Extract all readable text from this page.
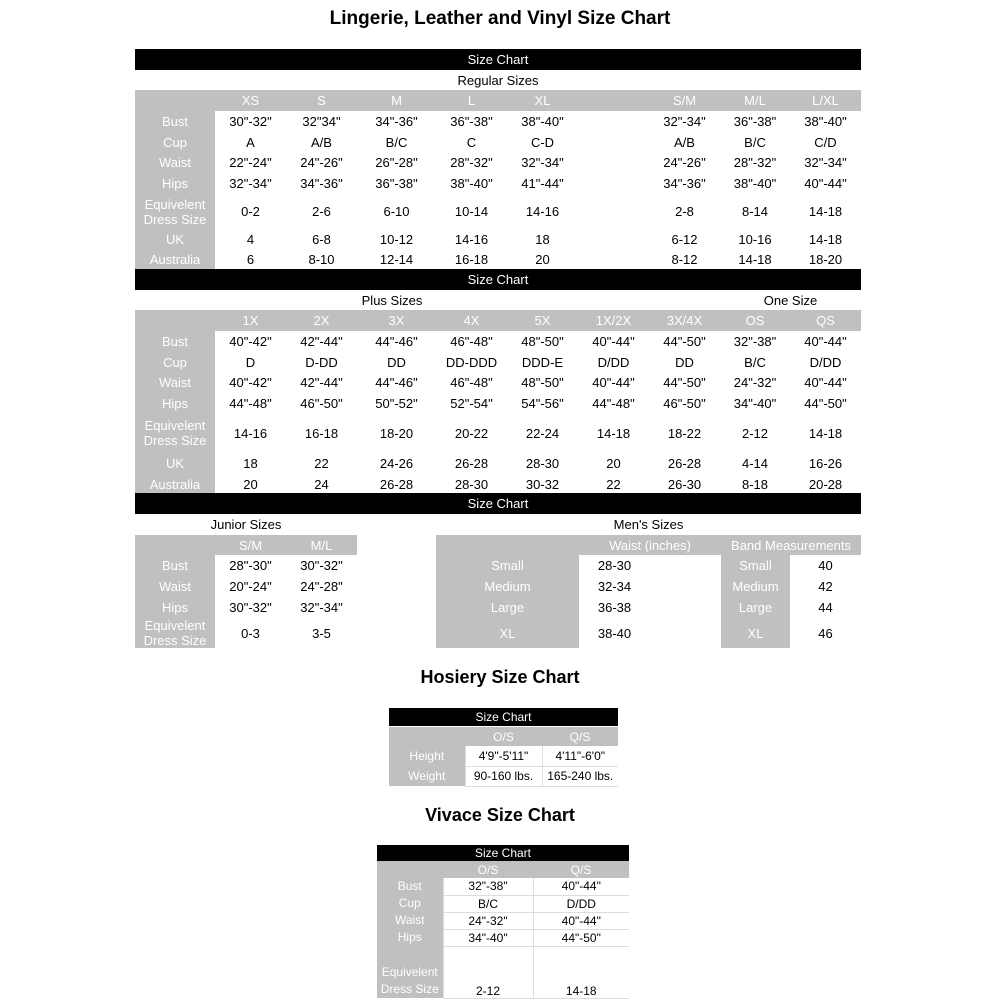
Lingerie, Leather and Vinyl Size Chart
Size Chart
Regular Sizes
	XS	S	M	L	XL		S/M	M/L	L/XL
Bust	30"-32"	32"34"	34"-36"	36"-38"	38"-40"		32"-34"	36"-38"	38"-40"
Cup	A	A/B	B/C	C	C-D		A/B	B/C	C/D
Waist	22"-24"	24"-26"	26"-28"	28"-32"	32"-34"		24"-26"	28"-32"	32"-34"
Hips	32"-34"	34"-36"	36"-38"	38"-40"	41"-44"		34"-36"	38"-40"	40"-44"
Equivelent Dress Size	0-2	2-6	6-10	10-14	14-16		2-8	8-14	14-18
UK	4	6-8	10-12	14-16	18		6-12	10-16	14-18
Australia	6	8-10	12-14	16-18	20		8-12	14-18	18-20
Size Chart
Plus Sizes	One Size
	1X	2X	3X	4X	5X	1X/2X	3X/4X	OS	QS
Bust	40"-42"	42"-44"	44"-46"	46"-48"	48"-50"	40"-44"	44"-50"	32"-38"	40"-44"
Cup	D	D-DD	DD	DD-DDD	DDD-E	D/DD	DD	B/C	D/DD
Waist	40"-42"	42"-44"	44"-46"	46"-48"	48"-50"	40"-44"	44"-50"	24"-32"	40"-44"
Hips	44"-48"	46"-50"	50"-52"	52"-54"	54"-56"	44"-48"	46"-50"	34"-40"	44"-50"
Equivelent Dress Size	14-16	16-18	18-20	20-22	22-24	14-18	18-22	2-12	14-18
UK	18	22	24-26	26-28	28-30	20	26-28	4-14	16-26
Australia	20	24	26-28	28-30	30-32	22	26-30	8-18	20-28
Size Chart
Junior Sizes	Men's Sizes
	S/M	M/L
Bust	28"-30"	30"-32"
Waist	20"-24"	24"-28"
Hips	30"-32"	32"-34"
Equivelent Dress Size	0-3	3-5
		Waist (inches)		Band Measurements	
Small		28-30		Small	40
Medium		32-34		Medium	42
Large		36-38		Large	44
XL		38-40		XL	46
Hosiery Size Chart
Size Chart
	O/S	Q/S
Height	4'9"-5'11"	4'11"-6'0"
Weight	90-160 lbs.	165-240 lbs.
Vivace Size Chart
Size Chart
	O/S	Q/S
Bust	32"-38"	40"-44"
Cup	B/C	D/DD
Waist	24"-32"	40"-44"
Hips	34"-40"	44"-50"
Equivelent Dress Size	2-12	14-18
